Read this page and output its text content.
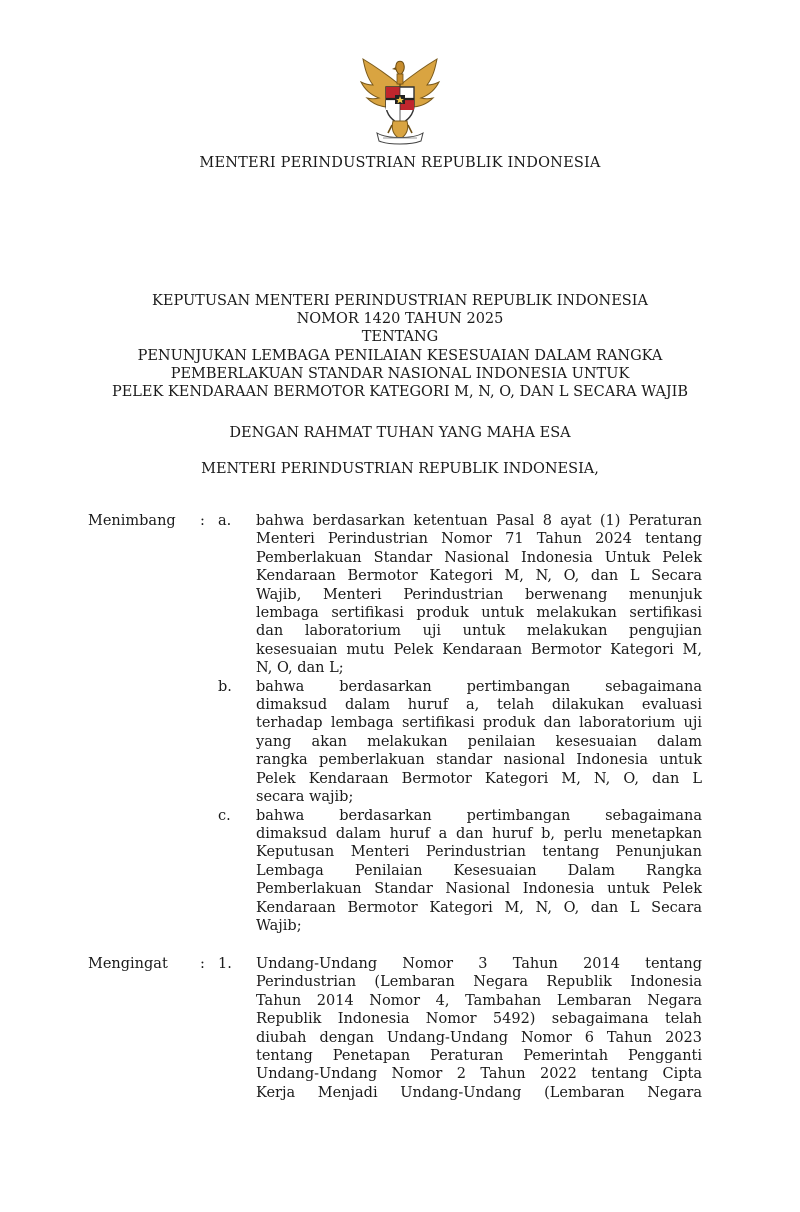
MENTERI PERINDUSTRIAN REPUBLIK INDONESIA
KEPUTUSAN MENTERI PERINDUSTRIAN REPUBLIK INDONESIA
NOMOR 1420 TAHUN 2025
TENTANG
PENUNJUKAN LEMBAGA PENILAIAN KESESUAIAN DALAM RANGKA
PEMBERLAKUAN STANDAR NASIONAL INDONESIA UNTUK
PELEK KENDARAAN BERMOTOR KATEGORI M, N, O, DAN L SECARA WAJIB
DENGAN RAHMAT TUHAN YANG MAHA ESA
MENTERI PERINDUSTRIAN REPUBLIK INDONESIA,
Menimbang : a. bahwa berdasarkan ketentuan Pasal 8 ayat (1) Peraturan
Menteri Perindustrian Nomor 71 Tahun 2024 tentang
Pemberlakuan Standar Nasional Indonesia Untuk Pelek
Kendaraan Bermotor Kategori M, N, O, dan L Secara
Wajib, Menteri Perindustrian berwenang menunjuk
lembaga sertifikasi produk untuk melakukan sertifikasi
dan laboratorium uji untuk melakukan pengujian
kesesuaian mutu Pelek Kendaraan Bermotor Kategori M,
N, O, dan L;
b. bahwa berdasarkan pertimbangan sebagaimana
dimaksud dalam huruf a, telah dilakukan evaluasi
terhadap lembaga sertifikasi produk dan laboratorium uji
yang akan melakukan penilaian kesesuaian dalam
rangka pemberlakuan standar nasional Indonesia untuk
Pelek Kendaraan Bermotor Kategori M, N, O, dan L
secara wajib;
c. bahwa berdasarkan pertimbangan sebagaimana
dimaksud dalam huruf a dan huruf b, perlu menetapkan
Keputusan Menteri Perindustrian tentang Penunjukan
Lembaga Penilaian Kesesuaian Dalam Rangka
Pemberlakuan Standar Nasional Indonesia untuk Pelek
Kendaraan Bermotor Kategori M, N, O, dan L Secara
Wajib;
Mengingat : 1. Undang-Undang Nomor 3 Tahun 2014 tentang
Perindustrian (Lembaran Negara Republik Indonesia
Tahun 2014 Nomor 4, Tambahan Lembaran Negara
Republik Indonesia Nomor 5492) sebagaimana telah
diubah dengan Undang-Undang Nomor 6 Tahun 2023
tentang Penetapan Peraturan Pemerintah Pengganti
Undang-Undang Nomor 2 Tahun 2022 tentang Cipta
Kerja Menjadi Undang-Undang (Lembaran Negara
